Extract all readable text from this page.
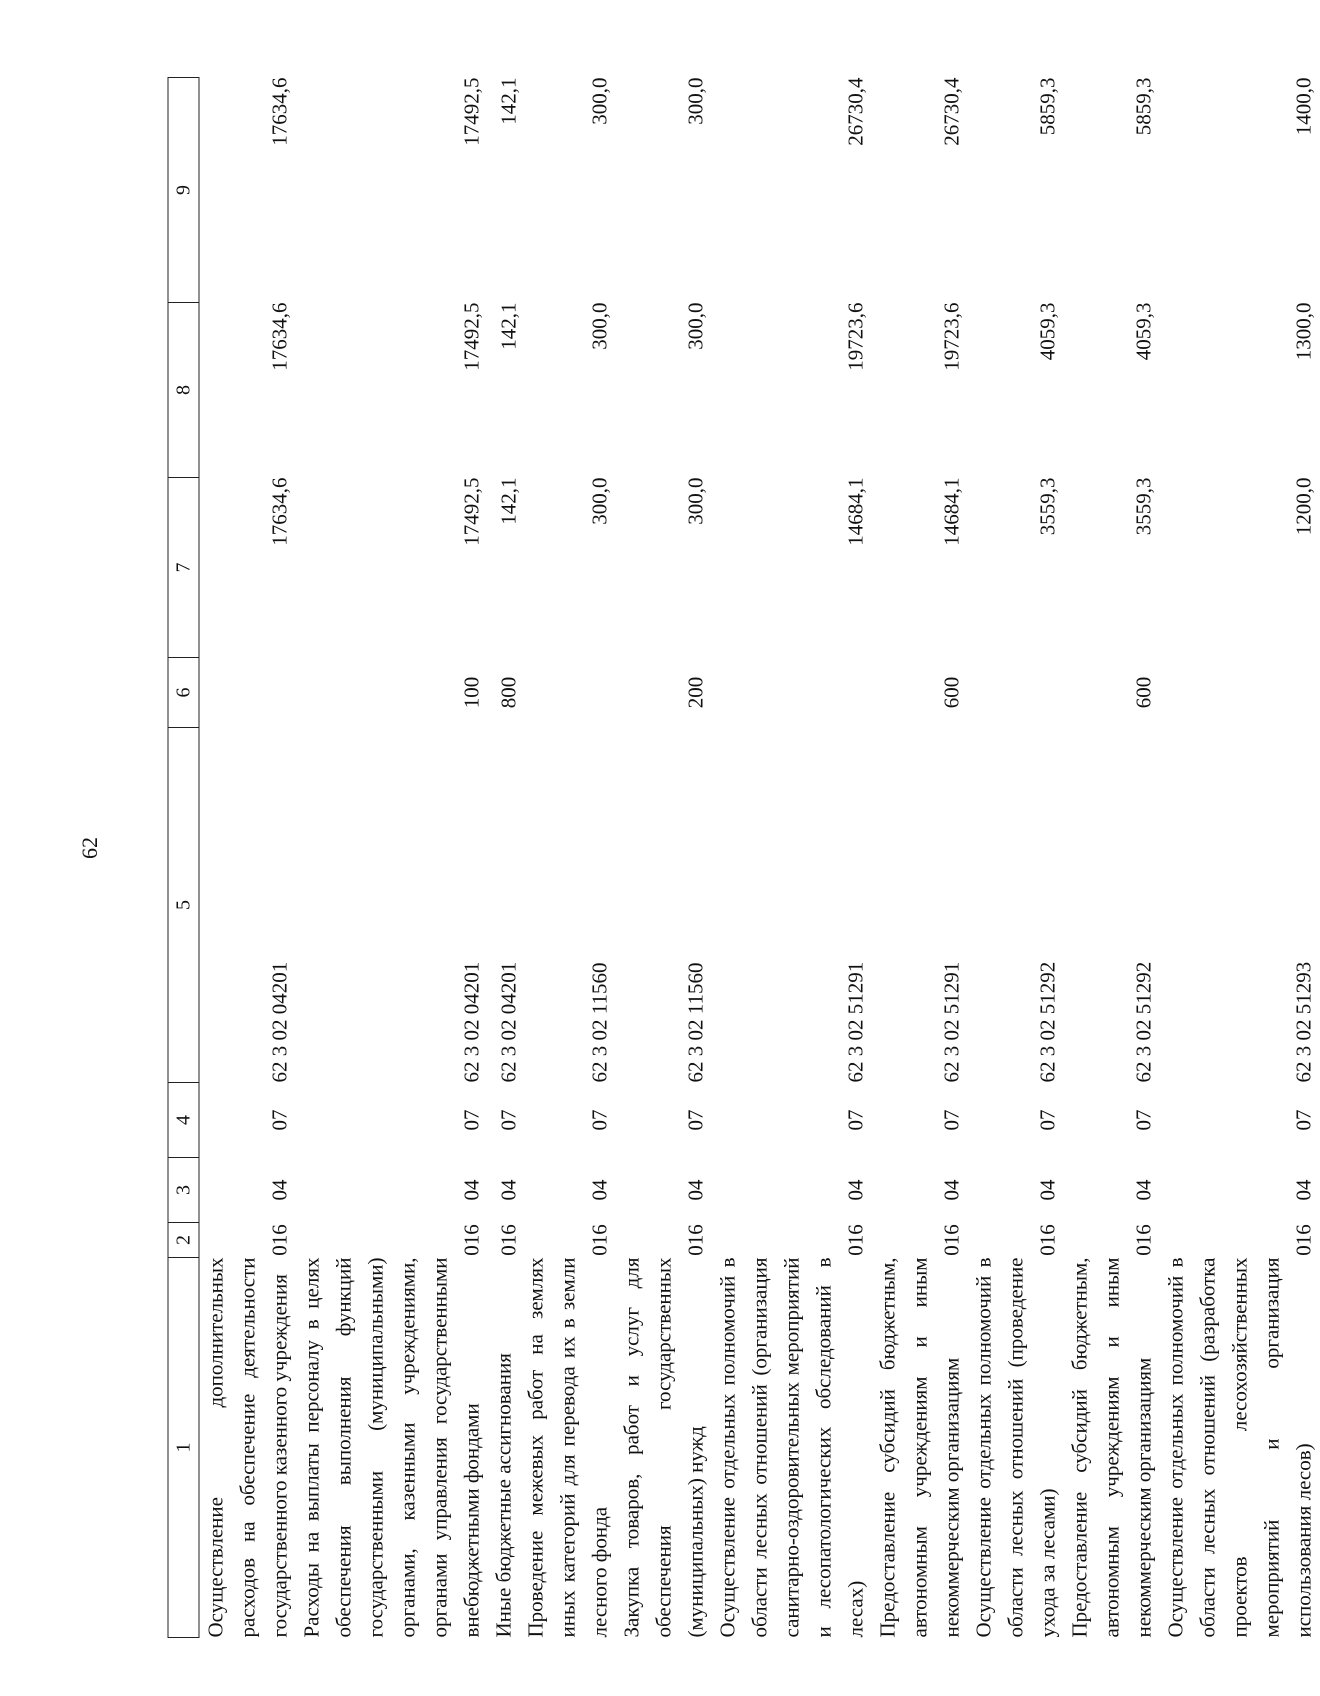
62
1	2	3	4	5	6	7	8	9
Осуществление дополнительных расходов на обеспечение деятельности государственного казенного учреждения	016	04	07	62 3 02 04201		17634,6	17634,6	17634,6
Расходы на выплаты персоналу в целях обеспечения выполнения функций государственными (муниципальными) органами, казенными учреждениями, органами управления государственными внебюджетными фондами	016	04	07	62 3 02 04201	100	17492,5	17492,5	17492,5
Иные бюджетные ассигнования	016	04	07	62 3 02 04201	800	142,1	142,1	142,1
Проведение межевых работ на землях иных категорий для перевода их в земли лесного фонда	016	04	07	62 3 02 11560		300,0	300,0	300,0
Закупка товаров, работ и услуг для обеспечения государственных (муниципальных) нужд	016	04	07	62 3 02 11560	200	300,0	300,0	300,0
Осуществление отдельных полномочий в области лесных отношений (организация санитарно-оздоровительных мероприятий и лесопатологических обследований в лесах)	016	04	07	62 3 02 51291		14684,1	19723,6	26730,4
Предоставление субсидий бюджетным, автономным учреждениям и иным некоммерческим организациям	016	04	07	62 3 02 51291	600	14684,1	19723,6	26730,4
Осуществление отдельных полномочий в области лесных отношений (проведение ухода за лесами)	016	04	07	62 3 02 51292		3559,3	4059,3	5859,3
Предоставление субсидий бюджетным, автономным учреждениям и иным некоммерческим организациям	016	04	07	62 3 02 51292	600	3559,3	4059,3	5859,3
Осуществление отдельных полномочий в области лесных отношений (разработка проектов лесохозяйственных мероприятий и организация использования лесов)	016	04	07	62 3 02 51293		1200,0	1300,0	1400,0
